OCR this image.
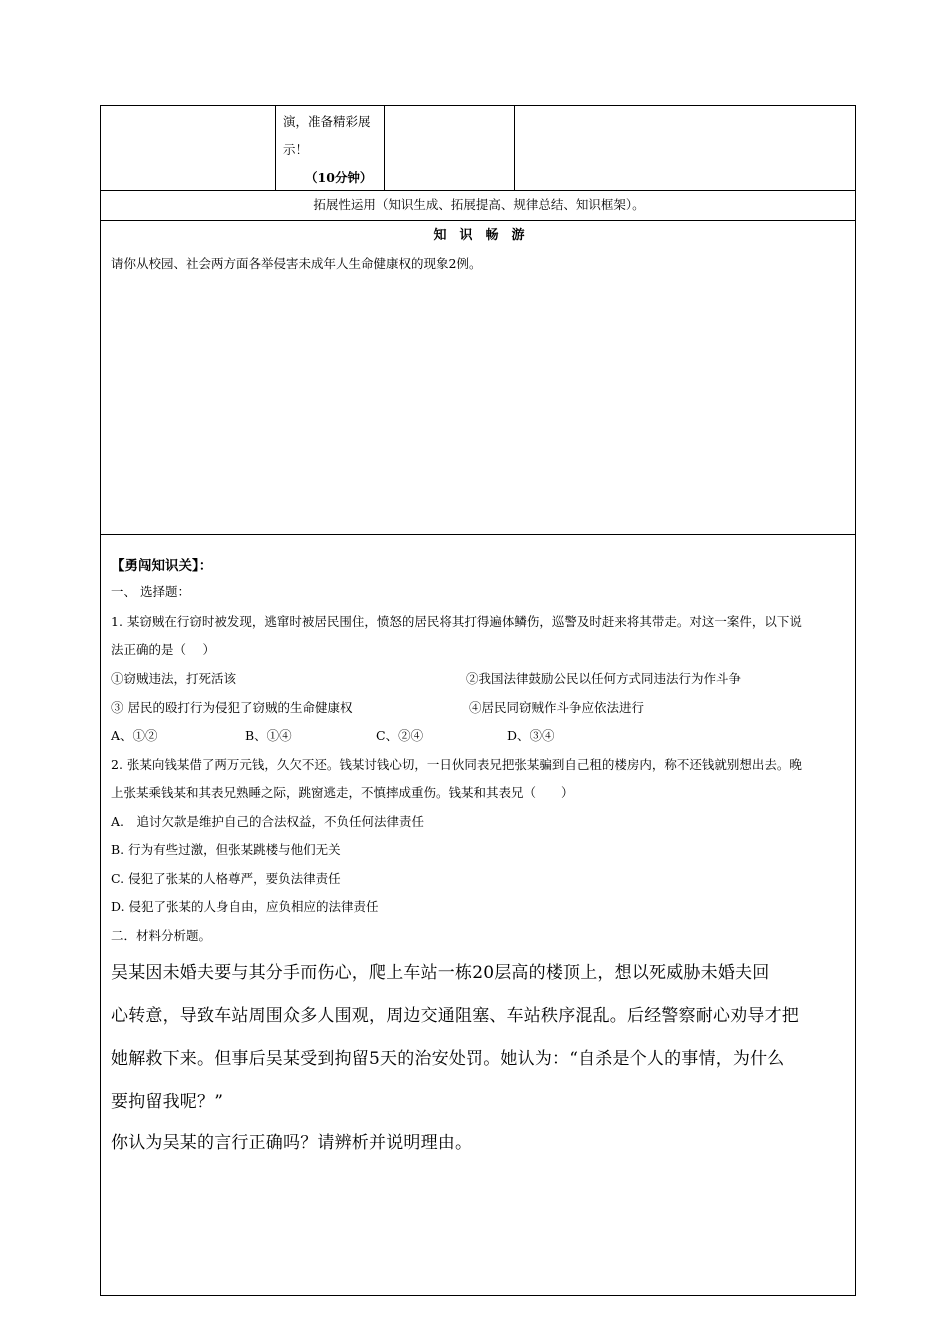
演，准备精彩展
示！
（10分钟）
拓展性运用（知识生成、拓展提高、规律总结、知识框架）。
知　识　畅　游
请你从校园、社会两方面各举侵害未成年人生命健康权的现象2例。
【勇闯知识关】：
一、 选择题：
1. 某窃贼在行窃时被发现，逃窜时被居民围住，愤怒的居民将其打得遍体鳞伤，巡警及时赶来将其带走。对这一案件，以下说
法正确的是（　 ）
①窃贼违法，打死活该	②我国法律鼓励公民以任何方式同违法行为作斗争
③ 居民的殴打行为侵犯了窃贼的生命健康权	④居民同窃贼作斗争应依法进行
A、①②	B、①④	C、②④	D、③④
2. 张某向钱某借了两万元钱，久欠不还。钱某讨钱心切，一日伙同表兄把张某骗到自己租的楼房内，称不还钱就别想出去。晚
上张某乘钱某和其表兄熟睡之际，跳窗逃走，不慎摔成重伤。钱某和其表兄（　　）
A.　追讨欠款是维护自己的合法权益，不负任何法律责任
B. 行为有些过激，但张某跳楼与他们无关
C. 侵犯了张某的人格尊严，要负法律责任
D. 侵犯了张某的人身自由，应负相应的法律责任
二．材料分析题。
吴某因未婚夫要与其分手而伤心，爬上车站一栋20层高的楼顶上，想以死威胁未婚夫回
心转意，导致车站周围众多人围观，周边交通阻塞、车站秩序混乱。后经警察耐心劝导才把
她解救下来。但事后吴某受到拘留5天的治安处罚。她认为：“自杀是个人的事情，为什么
要拘留我呢？”
你认为吴某的言行正确吗？请辨析并说明理由。
